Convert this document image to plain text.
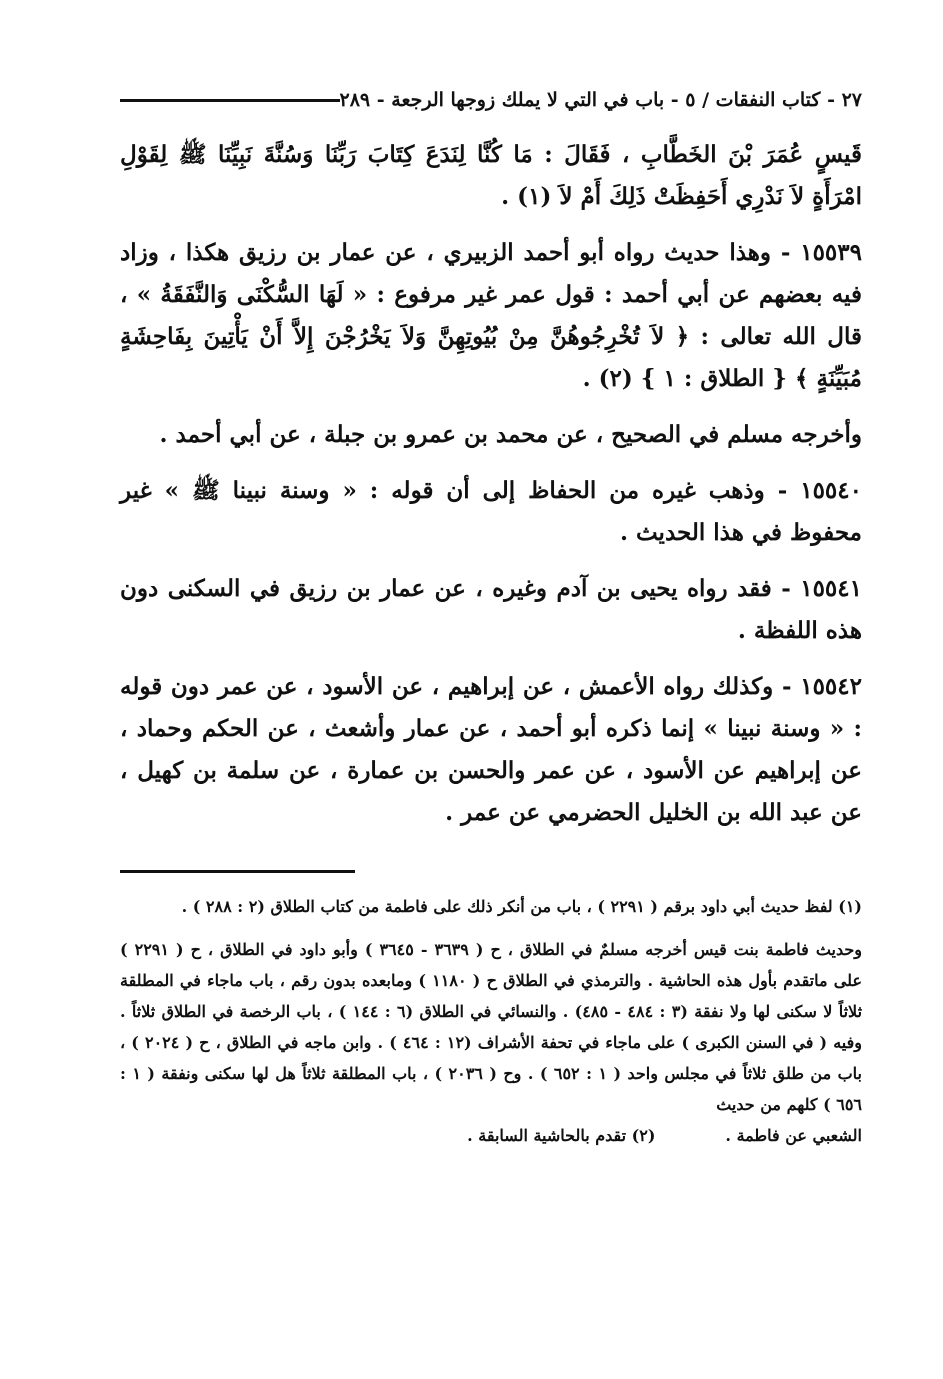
٢٧ - كتاب النفقات / ٥ - باب في التي لا يملك زوجها الرجعة - ٢٨٩

قَيسٍ عُمَرَ بْنَ الخَطَّابِ ، فَقَالَ : مَا كُنَّا لِنَدَعَ كِتَابَ رَبِّنَا وَسُنَّةَ نَبِيِّنَا ﷺ لِقَوْلِ امْرَأَةٍ لاَ نَدْرِي أَحَفِظَتْ ذَلِكَ أَمْ لاَ (١) .

١٥٥٣٩ - وهذا حديث رواه أبو أحمد الزبيري ، عن عمار بن رزيق هكذا ، وزاد فيه بعضهم عن أبي أحمد : قول عمر غير مرفوع : « لَهَا السُّكْنَى وَالنَّفَقَةُ » ، قال الله تعالى : ﴿ لاَ تُخْرِجُوهُنَّ مِنْ بُيُوتِهِنَّ وَلاَ يَخْرُجْنَ إِلاَّ أَنْ يَأْتِينَ بِفَاحِشَةٍ مُبَيِّنَةٍ ﴾ { الطلاق : ١ } (٢) .

وأخرجه مسلم في الصحيح ، عن محمد بن عمرو بن جبلة ، عن أبي أحمد .

١٥٥٤٠ - وذهب غيره من الحفاظ إلى أن قوله : « وسنة نبينا ﷺ » غير محفوظ في هذا الحديث .

١٥٥٤١ - فقد رواه يحيى بن آدم وغيره ، عن عمار بن رزيق في السكنى دون هذه اللفظة .

١٥٥٤٢ - وكذلك رواه الأعمش ، عن إبراهيم ، عن الأسود ، عن عمر دون قوله : « وسنة نبينا » إنما ذكره أبو أحمد ، عن عمار وأشعث ، عن الحكم وحماد ، عن إبراهيم عن الأسود ، عن عمر والحسن بن عمارة ، عن سلمة بن كهيل ، عن عبد الله بن الخليل الحضرمي عن عمر .

(١) لفظ حديث أبي داود برقم ( ٢٢٩١ ) ، باب من أنكر ذلك على فاطمة من كتاب الطلاق (٢ : ٢٨٨ ) .

وحديث فاطمة بنت قيس أخرجه مسلمٌ في الطلاق ، ح ( ٣٦٣٩ - ٣٦٤٥ ) وأبو داود في الطلاق ، ح ( ٢٢٩١ ) على ماتقدم بأول هذه الحاشية . والترمذي في الطلاق ح ( ١١٨٠ ) ومابعده بدون رقم ، باب ماجاء في المطلقة ثلاثاً لا سكنى لها ولا نفقة (٣ : ٤٨٤ - ٤٨٥) . والنسائي في الطلاق (٦ : ١٤٤ ) ، باب الرخصة في الطلاق ثلاثاً . وفيه ( في السنن الكبرى ) على ماجاء في تحفة الأشراف (١٢ : ٤٦٤ ) . وابن ماجه في الطلاق ، ح ( ٢٠٢٤ ) ، باب من طلق ثلاثاً في مجلس واحد ( ١ : ٦٥٢ ) . وح ( ٢٠٣٦ ) ، باب المطلقة ثلاثاً هل لها سكنى ونفقة ( ١ : ٦٥٦ ) كلهم من حديث
الشعبي عن فاطمة .
(٢) تقدم بالحاشية السابقة .
